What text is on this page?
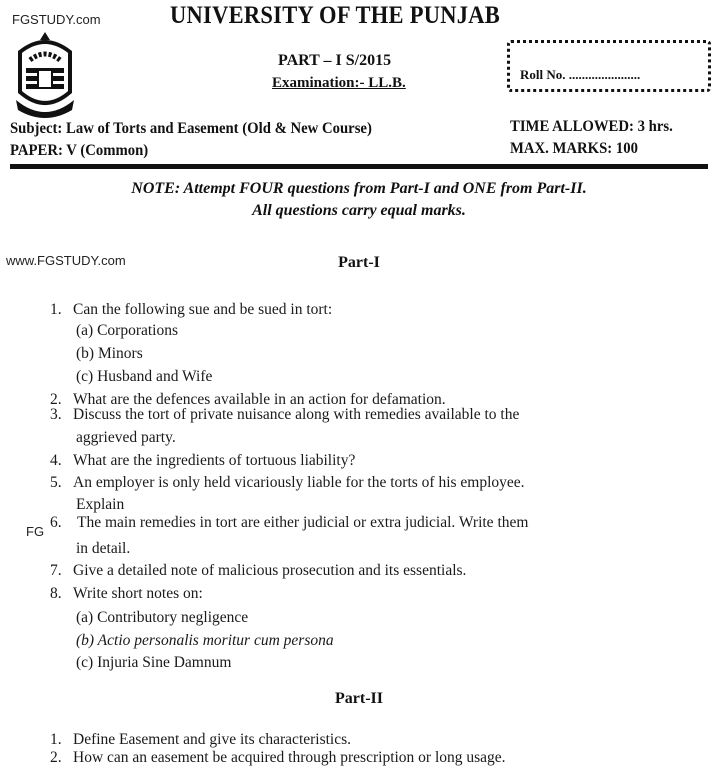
FGSTUDY.com	UNIVERSITY OF THE PUNJAB
PART – I S/2015
Examination:- LL.B.
Roll No. ......................
Subject: Law of Torts and Easement (Old & New Course)
PAPER: V (Common)
TIME ALLOWED: 3 hrs.
MAX. MARKS: 100
NOTE: Attempt FOUR questions from Part-I and ONE from Part-II.
All questions carry equal marks.
www.FGSTUDY.com	Part-I
1. Can the following sue and be sued in tort:
(a) Corporations
(b) Minors
(c) Husband and Wife
2. What are the defences available in an action for defamation.
3. Discuss the tort of private nuisance along with remedies available to the
aggrieved party.
4. What are the ingredients of tortuous liability?
5. An employer is only held vicariously liable for the torts of his employee.
Explain
6. The main remedies in tort are either judicial or extra judicial. Write them
in detail.
7. Give a detailed note of malicious prosecution and its essentials.
8. Write short notes on:
(a) Contributory negligence
(b) Actio personalis moritur cum persona
(c) Injuria Sine Damnum
FG
Part-II
1. Define Easement and give its characteristics.
2. How can an easement be acquired through prescription or long usage.
